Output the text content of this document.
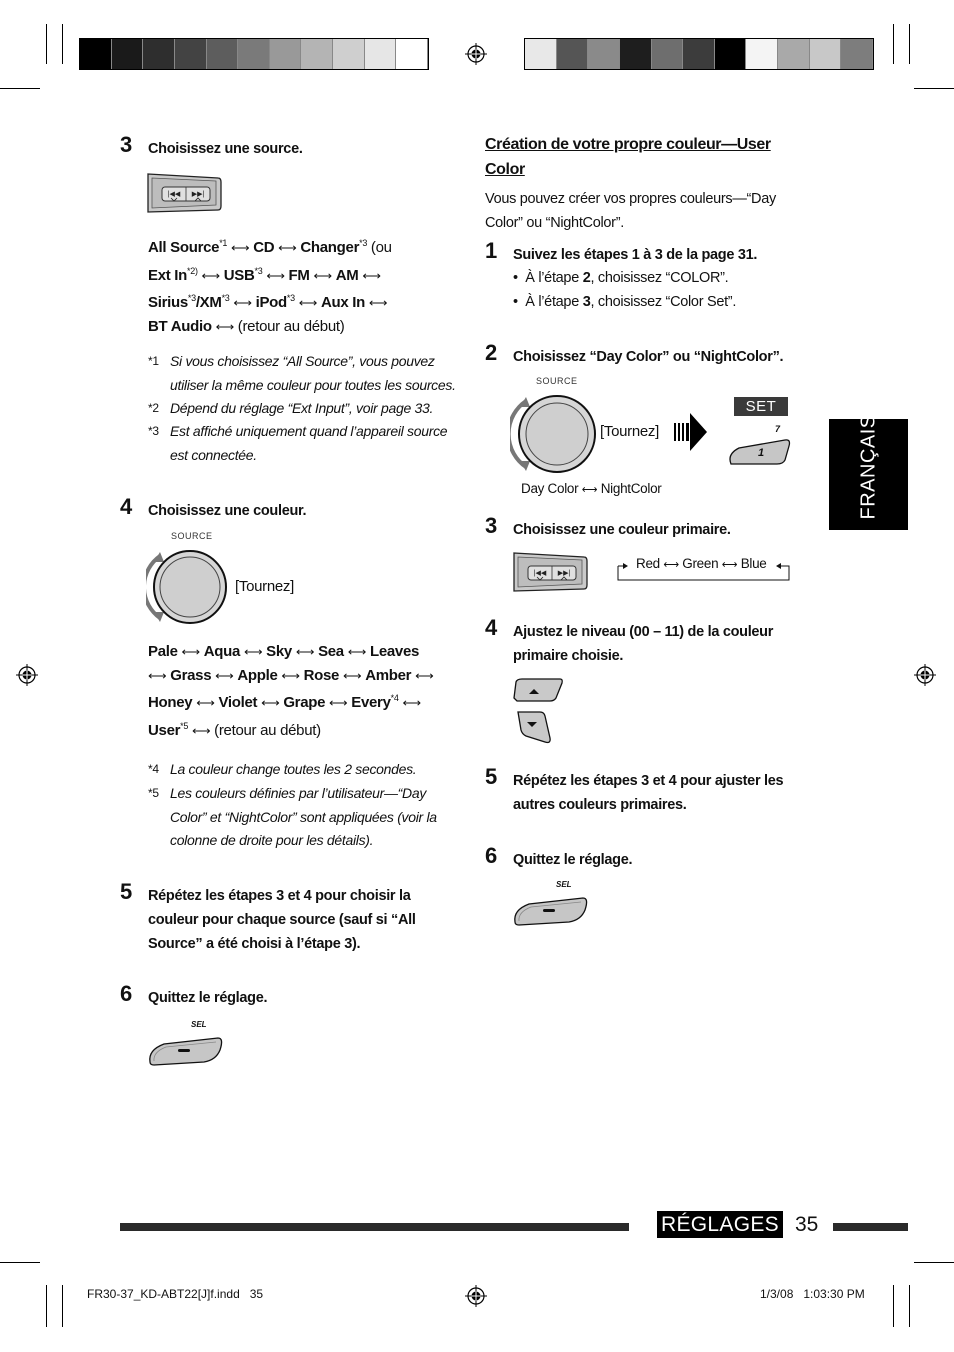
3 Choisissez une source.
|◀◀ ▶▶|
All Source$^{*1}$ ⟷ CD ⟷ Changer$^{*3}$ (ou
Ext In$^{*2)}$ ⟷ USB$^{*3}$ ⟷ FM ⟷ AM ⟷
Sirius$^{*3}$/XM$^{*3}$ ⟷ iPod$^{*3}$ ⟷ Aux In ⟷
BT Audio ⟷ (retour au début)
*1 Si vous choisissez “All Source”, vous pouvez utiliser la même couleur pour toutes les sources.
*2 Dépend du réglage “Ext Input”, voir page 33.
*3 Est affiché uniquement quand l’appareil source est connectée.
4 Choisissez une couleur.
SOURCE
[Tournez]
Pale ⟷ Aqua ⟷ Sky ⟷ Sea ⟷ Leaves
⟷ Grass ⟷ Apple ⟷ Rose ⟷ Amber ⟷
Honey ⟷ Violet ⟷ Grape ⟷ Every$^{*4}$ ⟷
User$^{*5}$ ⟷ (retour au début)
*4 La couleur change toutes les 2 secondes.
*5 Les couleurs définies par l’utilisateur—“Day Color” et “NightColor” sont appliquées (voir la colonne de droite pour les détails).
5 Répétez les étapes 3 et 4 pour choisir la couleur pour chaque source (sauf si “All Source” a été choisi à l’étape 3).
6 Quittez le réglage.
SEL
Création de votre propre couleur—User Color
Vous pouvez créer vos propres couleurs—“Day Color” ou “NightColor”.
1 Suivez les étapes 1 à 3 de la page 31.
•  À l’étape 2, choisissez “COLOR”.
•  À l’étape 3, choisissez “Color Set”.
2 Choisissez “Day Color” ou “NightColor”.
SOURCE
[Tournez]
SET
7
1
Day Color ⟷ NightColor
3 Choisissez une couleur primaire.
|◀◀ ▶▶|
Red ⟷ Green ⟷ Blue
4 Ajustez le niveau (00 – 11) de la couleur primaire choisie.
5 Répétez les étapes 3 et 4 pour ajuster les autres couleurs primaires.
6 Quittez le réglage.
SEL
FRANÇAIS
RÉGLAGES 35
FR30-37_KD-ABT22[J]f.indd   35	1/3/08   1:03:30 PM
